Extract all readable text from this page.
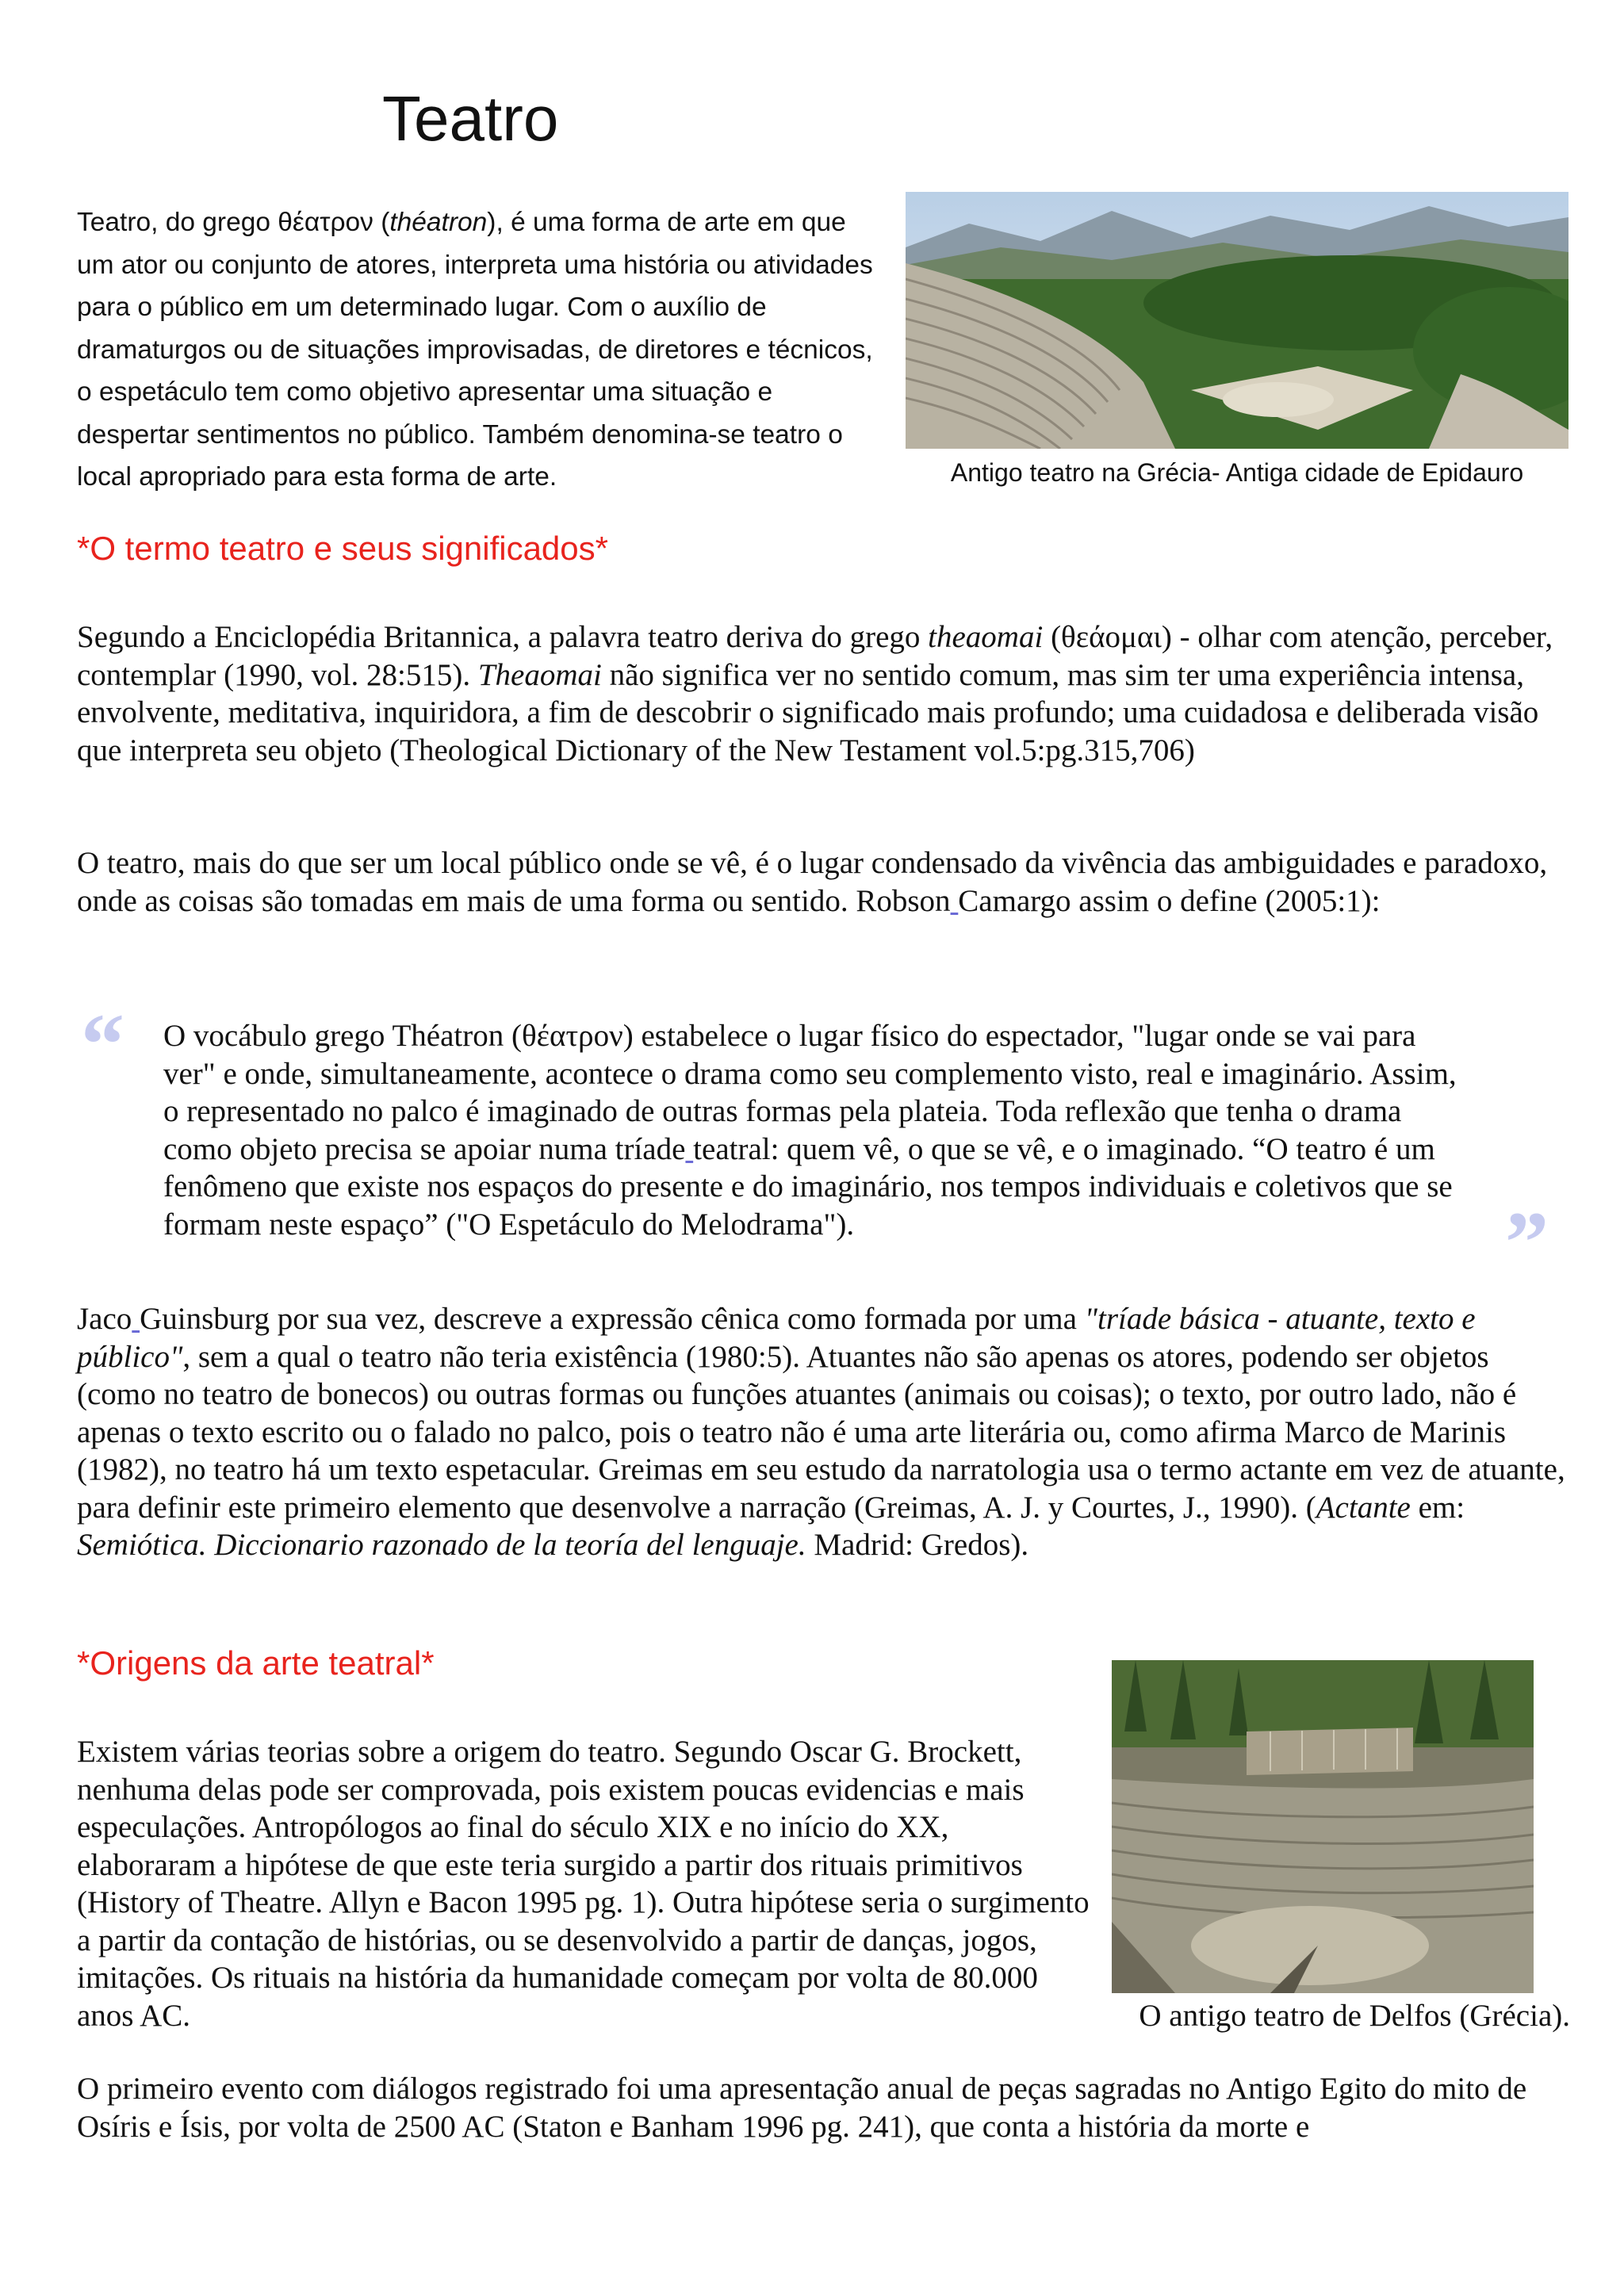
Teatro
Teatro, do grego θέατρον (théatron), é uma forma de arte em que um ator ou conjunto de atores, interpreta uma história ou atividades para o público em um determinado lugar. Com o auxílio de dramaturgos ou de situações improvisadas, de diretores e técnicos, o espetáculo tem como objetivo apresentar uma situação e despertar sentimentos no público. Também denomina-se teatro o local apropriado para esta forma de arte.	Antigo teatro na Grécia- Antiga cidade de Epidauro
*O termo teatro e seus significados*
Segundo a Enciclopédia Britannica, a palavra teatro deriva do grego theaomai (θεάομαι) - olhar com atenção, perceber, contemplar (1990, vol. 28:515). Theaomai não significa ver no sentido comum, mas sim ter uma experiência intensa, envolvente, meditativa, inquiridora, a fim de descobrir o significado mais profundo; uma cuidadosa e deliberada visão que interpreta seu objeto (Theological Dictionary of the New Testament vol.5:pg.315,706)
O teatro, mais do que ser um local público onde se vê, é o lugar condensado da vivência das ambiguidades e paradoxo, onde as coisas são tomadas em mais de uma forma ou sentido. Robson Camargo assim o define (2005:1):
“ O vocábulo grego Théatron (θέατρον) estabelece o lugar físico do espectador, "lugar onde se vai para ver" e onde, simultaneamente, acontece o drama como seu complemento visto, real e imaginário. Assim, o representado no palco é imaginado de outras formas pela plateia. Toda reflexão que tenha o drama como objeto precisa se apoiar numa tríade teatral: quem vê, o que se vê, e o imaginado. “O teatro é um fenômeno que existe nos espaços do presente e do imaginário, nos tempos individuais e coletivos que se formam neste espaço” ("O Espetáculo do Melodrama").	”
Jaco Guinsburg por sua vez, descreve a expressão cênica como formada por uma "tríade básica - atuante, texto e público", sem a qual o teatro não teria existência (1980:5). Atuantes não são apenas os atores, podendo ser objetos (como no teatro de bonecos) ou outras formas ou funções atuantes (animais ou coisas); o texto, por outro lado, não é apenas o texto escrito ou o falado no palco, pois o teatro não é uma arte literária ou, como afirma Marco de Marinis (1982), no teatro há um texto espetacular. Greimas em seu estudo da narratologia usa o termo actante em vez de atuante, para definir este primeiro elemento que desenvolve a narração (Greimas, A. J. y Courtes, J., 1990). (Actante em: Semiótica. Diccionario razonado de la teoría del lenguaje. Madrid: Gredos).
*Origens da arte teatral*
Existem várias teorias sobre a origem do teatro. Segundo Oscar G. Brockett, nenhuma delas pode ser comprovada, pois existem poucas evidencias e mais especulações. Antropólogos ao final do século XIX e no início do XX, elaboraram a hipótese de que este teria surgido a partir dos rituais primitivos (History of Theatre. Allyn e Bacon 1995 pg. 1). Outra hipótese seria o surgimento a partir da contação de histórias, ou se desenvolvido a partir de danças, jogos, imitações. Os rituais na história da humanidade começam por volta de 80.000 anos AC.	O antigo teatro de Delfos (Grécia).
O primeiro evento com diálogos registrado foi uma apresentação anual de peças sagradas no Antigo Egito do mito de Osíris e Ísis, por volta de 2500 AC (Staton e Banham 1996 pg. 241), que conta a história da morte e
